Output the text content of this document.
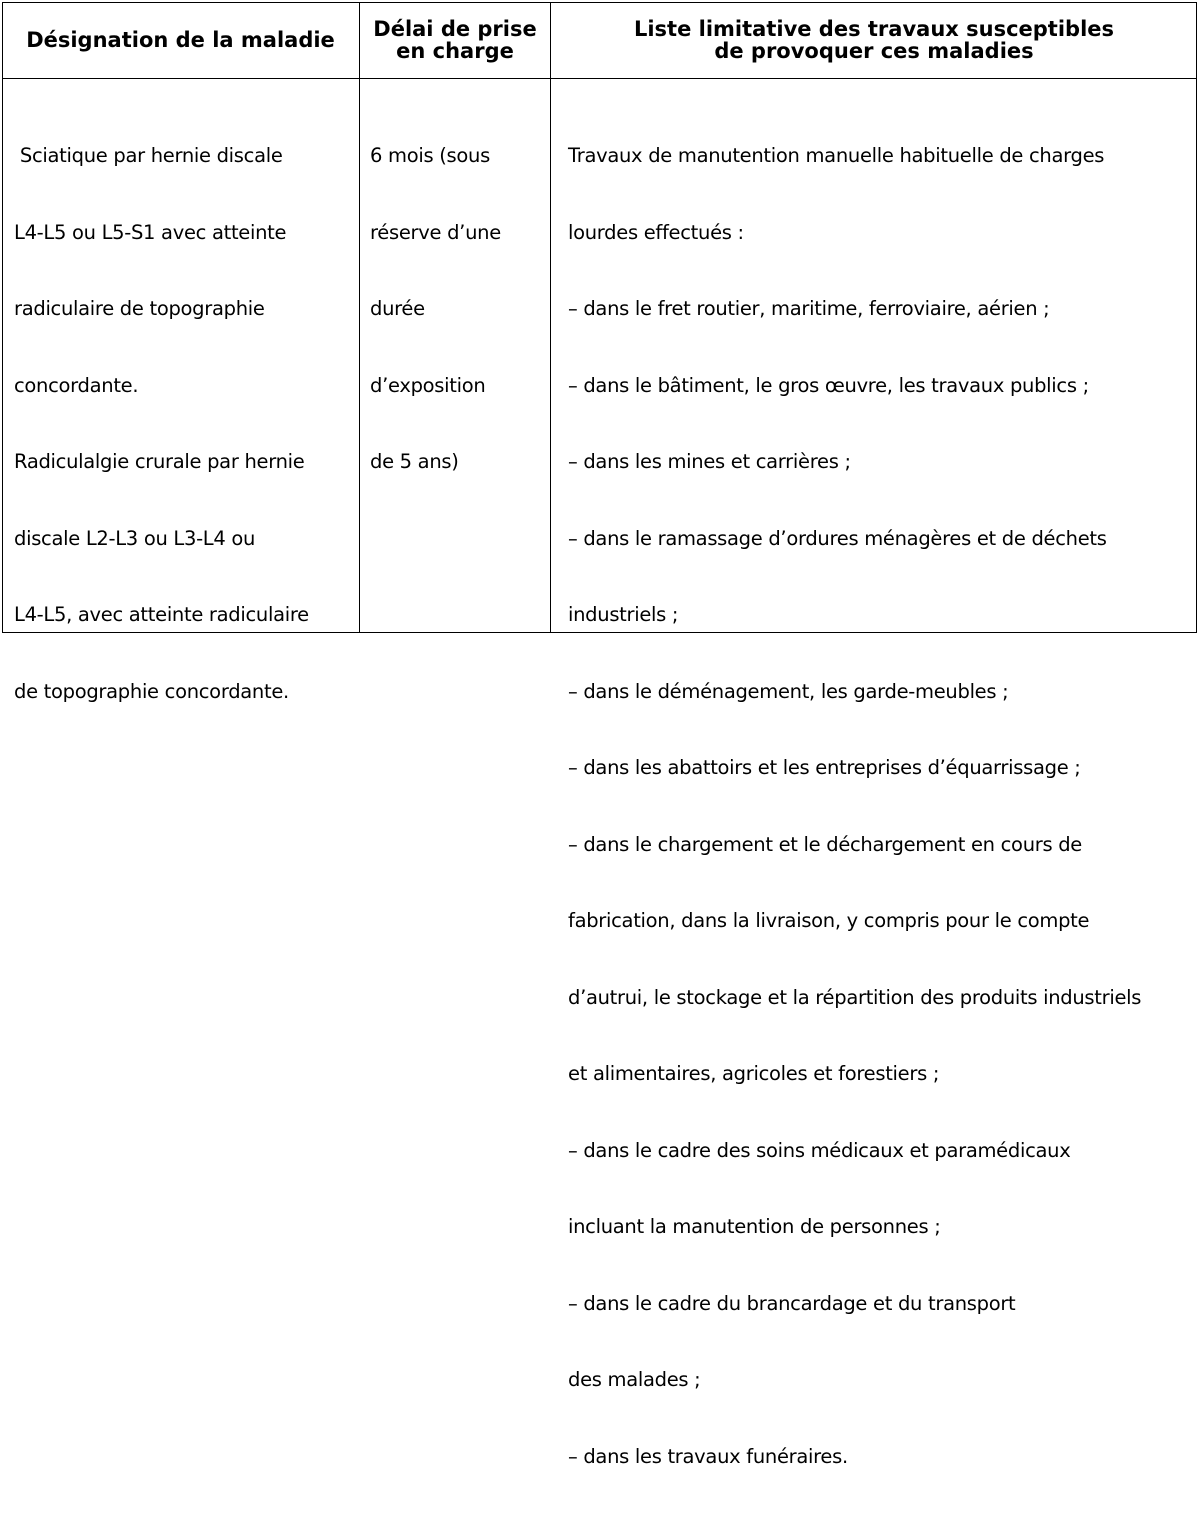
Désignation de la maladie Délai de prise
en charge
Liste limitative des travaux susceptibles
de provoquer ces maladies

Sciatique par hernie discale

L4-L5 ou L5-S1 avec atteinte

radiculaire de topographie

concordante.

Radiculalgie crurale par hernie

discale L2-L3 ou L3-L4 ou

L4-L5, avec atteinte radiculaire

de topographie concordante.

6 mois (sous

réserve d’une

durée

d’exposition

de 5 ans)

Travaux de manutention manuelle habituelle de charges

lourdes effectués :

– dans le fret routier, maritime, ferroviaire, aérien ;

– dans le bâtiment, le gros œuvre, les travaux publics ;

– dans les mines et carrières ;

– dans le ramassage d’ordures ménagères et de déchets

industriels ;

– dans le déménagement, les garde-meubles ;

– dans les abattoirs et les entreprises d’équarrissage ;

– dans le chargement et le déchargement en cours de

fabrication, dans la livraison, y compris pour le compte

d’autrui, le stockage et la répartition des produits industriels

et alimentaires, agricoles et forestiers ;

– dans le cadre des soins médicaux et paramédicaux

incluant la manutention de personnes ;

– dans le cadre du brancardage et du transport

des malades ;

– dans les travaux funéraires.
